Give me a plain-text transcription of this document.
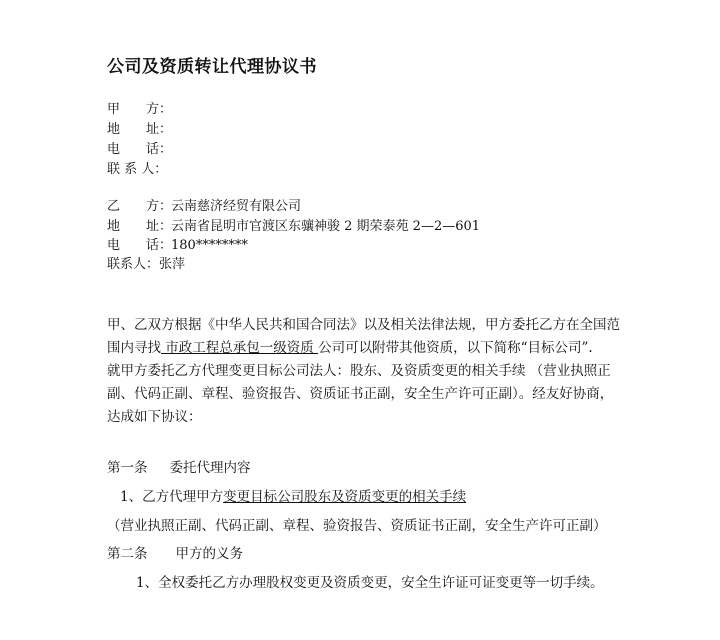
公司及资质转让代理协议书
甲方：
地址：
电话：
联 系 人：
乙方：云南慈济经贸有限公司
地址：云南省昆明市官渡区东骧神骏 2 期荣泰苑 2—2—601
电话：180********
联系人：张萍
甲、乙双方根据《中华人民共和国合同法》以及相关法律法规，甲方委托乙方在全国范
围内寻找 市政工程总承包一级资质 公司可以附带其他资质，以下简称“目标公司”.
就甲方委托乙方代理变更目标公司法人：股东、及资质变更的相关手续 （营业执照正
副、代码正副、章程、验资报告、资质证书正副，安全生产许可正副）。经友好协商，
达成如下协议：
第一条 委托代理内容
1、乙方代理甲方变更目标公司股东及资质变更的相关手续
（营业执照正副、代码正副、章程、验资报告、资质证书正副，安全生产许可正副）
第二条 甲方的义务
1、全权委托乙方办理股权变更及资质变更，安全生许证可证变更等一切手续。
